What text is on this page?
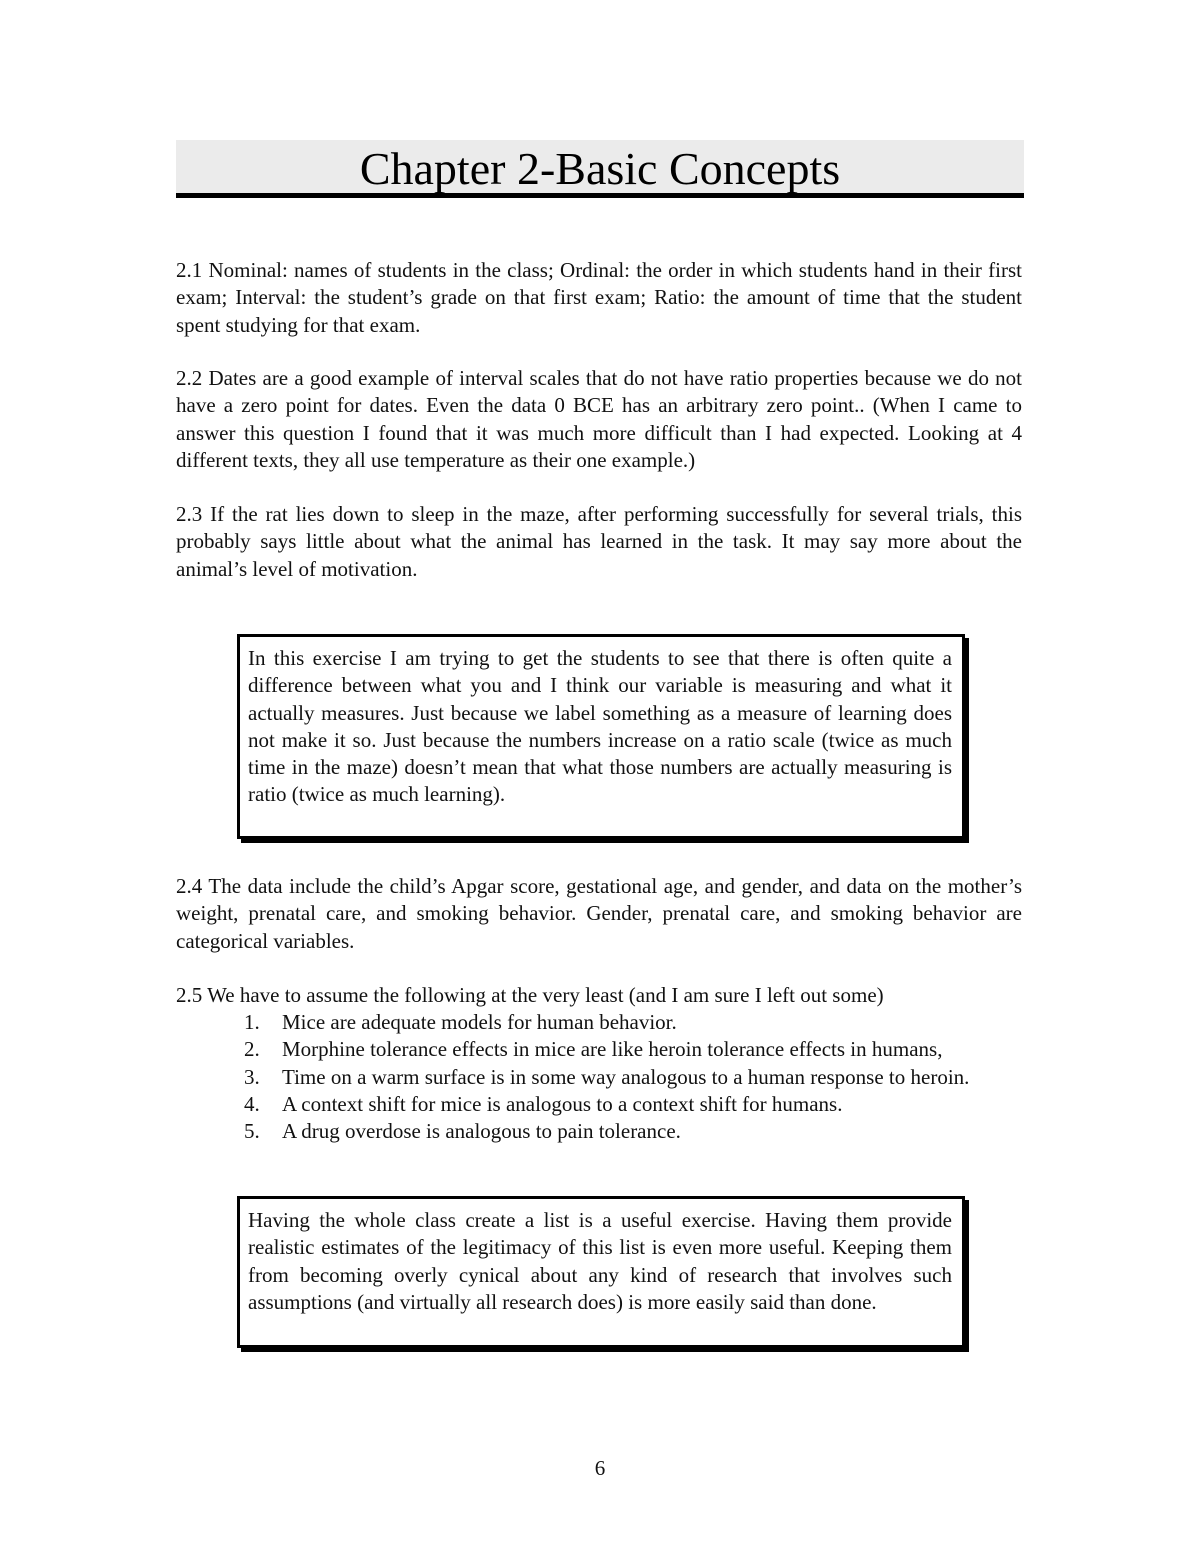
Chapter 2-Basic Concepts

2.1 Nominal: names of students in the class; Ordinal: the order in which students hand in their first exam; Interval: the student’s grade on that first exam; Ratio: the amount of time that the student spent studying for that exam.

2.2 Dates are a good example of interval scales that do not have ratio properties because we do not have a zero point for dates. Even the data 0 BCE has an arbitrary zero point.. (When I came to answer this question I found that it was much more difficult than I had expected. Looking at 4 different texts, they all use temperature as their one example.)

2.3 If the rat lies down to sleep in the maze, after performing successfully for several trials, this probably says little about what the animal has learned in the task. It may say more about the animal’s level of motivation.

In this exercise I am trying to get the students to see that there is often quite a difference between what you and I think our variable is measuring and what it actually measures. Just because we label something as a measure of learning does not make it so. Just because the numbers increase on a ratio scale (twice as much time in the maze) doesn’t mean that what those numbers are actually measuring is ratio (twice as much learning).

2.4 The data include the child’s Apgar score, gestational age, and gender, and data on the mother’s weight, prenatal care, and smoking behavior. Gender, prenatal care, and smoking behavior are categorical variables.

2.5 We have to assume the following at the very least (and I am sure I left out some)

1.	Mice are adequate models for human behavior.
2.	Morphine tolerance effects in mice are like heroin tolerance effects in humans,
3.	Time on a warm surface is in some way analogous to a human response to heroin.
4.	A context shift for mice is analogous to a context shift for humans.
5.	A drug overdose is analogous to pain tolerance.
Having the whole class create a list is a useful exercise. Having them provide realistic estimates of the legitimacy of this list is even more useful. Keeping them from becoming overly cynical about any kind of research that involves such assumptions (and virtually all research does) is more easily said than done.
6
